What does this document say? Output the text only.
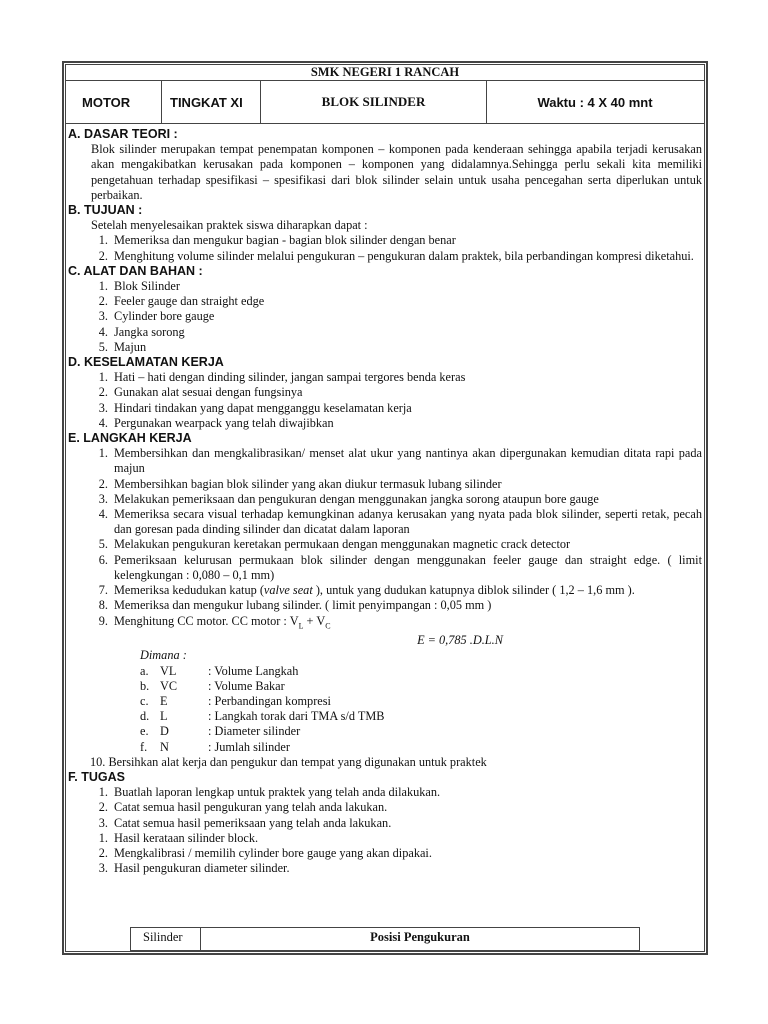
SMK NEGERI 1 RANCAH
MOTOR	TINGKAT XI	BLOK SILINDER	Waktu : 4 X 40 mnt
A. DASAR TEORI :
Blok silinder merupakan tempat penempatan komponen – komponen pada kenderaan sehingga apabila terjadi kerusakan akan mengakibatkan kerusakan pada komponen – komponen yang didalamnya.Sehingga perlu sekali kita memiliki pengetahuan terhadap spesifikasi – spesifikasi dari blok silinder selain untuk usaha pencegahan serta diperlukan untuk perbaikan.
B. TUJUAN :
Setelah menyelesaikan praktek siswa diharapkan dapat :
1. Memeriksa dan mengukur bagian - bagian blok silinder dengan benar
2. Menghitung volume silinder melalui pengukuran – pengukuran dalam praktek, bila perbandingan kompresi diketahui.
C. ALAT DAN BAHAN :
1. Blok Silinder
2. Feeler gauge dan straight edge
3. Cylinder bore gauge
4. Jangka sorong
5. Majun
D. KESELAMATAN KERJA
1. Hati – hati dengan dinding silinder, jangan sampai tergores benda keras
2. Gunakan alat sesuai dengan fungsinya
3. Hindari tindakan yang dapat mengganggu keselamatan kerja
4. Pergunakan wearpack yang telah diwajibkan
E. LANGKAH KERJA
1. Membersihkan dan mengkalibrasikan/ menset alat ukur yang nantinya akan dipergunakan kemudian ditata rapi pada majun
2. Membersihkan bagian blok silinder yang akan diukur termasuk lubang silinder
3. Melakukan pemeriksaan dan pengukuran dengan menggunakan jangka sorong ataupun bore gauge
4. Memeriksa secara visual terhadap kemungkinan adanya kerusakan yang nyata pada blok silinder, seperti retak, pecah dan goresan pada dinding silinder dan dicatat dalam laporan
5. Melakukan pengukuran keretakan permukaan dengan menggunakan magnetic crack detector
6. Pemeriksaan kelurusan permukaan blok silinder dengan menggunakan feeler gauge dan straight edge. ( limit kelengkungan : 0,080 – 0,1 mm)
7. Memeriksa kedudukan katup (valve seat ), untuk yang dudukan katupnya diblok silinder ( 1,2 – 1,6 mm ).
8. Memeriksa dan mengukur lubang silinder. ( limit penyimpangan : 0,05 mm )
9. Menghitung CC motor. CC motor : $V_L + V_C$
E = 0,785 .D.L.N
Dimana :
a. VL	: Volume Langkah
b. VC	: Volume Bakar
c. E	: Perbandingan kompresi
d. L	: Langkah torak dari TMA s/d TMB
e. D	: Diameter silinder
f.	N	: Jumlah silinder
10. Bersihkan alat kerja dan pengukur dan tempat yang digunakan untuk praktek
F. TUGAS
1. Buatlah laporan lengkap untuk praktek yang telah anda dilakukan.
2. Catat semua hasil pengukuran yang telah anda lakukan.
3. Catat semua hasil pemeriksaan yang telah anda lakukan.
1. Hasil kerataan silinder block.
2. Mengkalibrasi / memilih cylinder bore gauge yang akan dipakai.
3. Hasil pengukuran diameter silinder.
Silinder	Posisi Pengukuran
